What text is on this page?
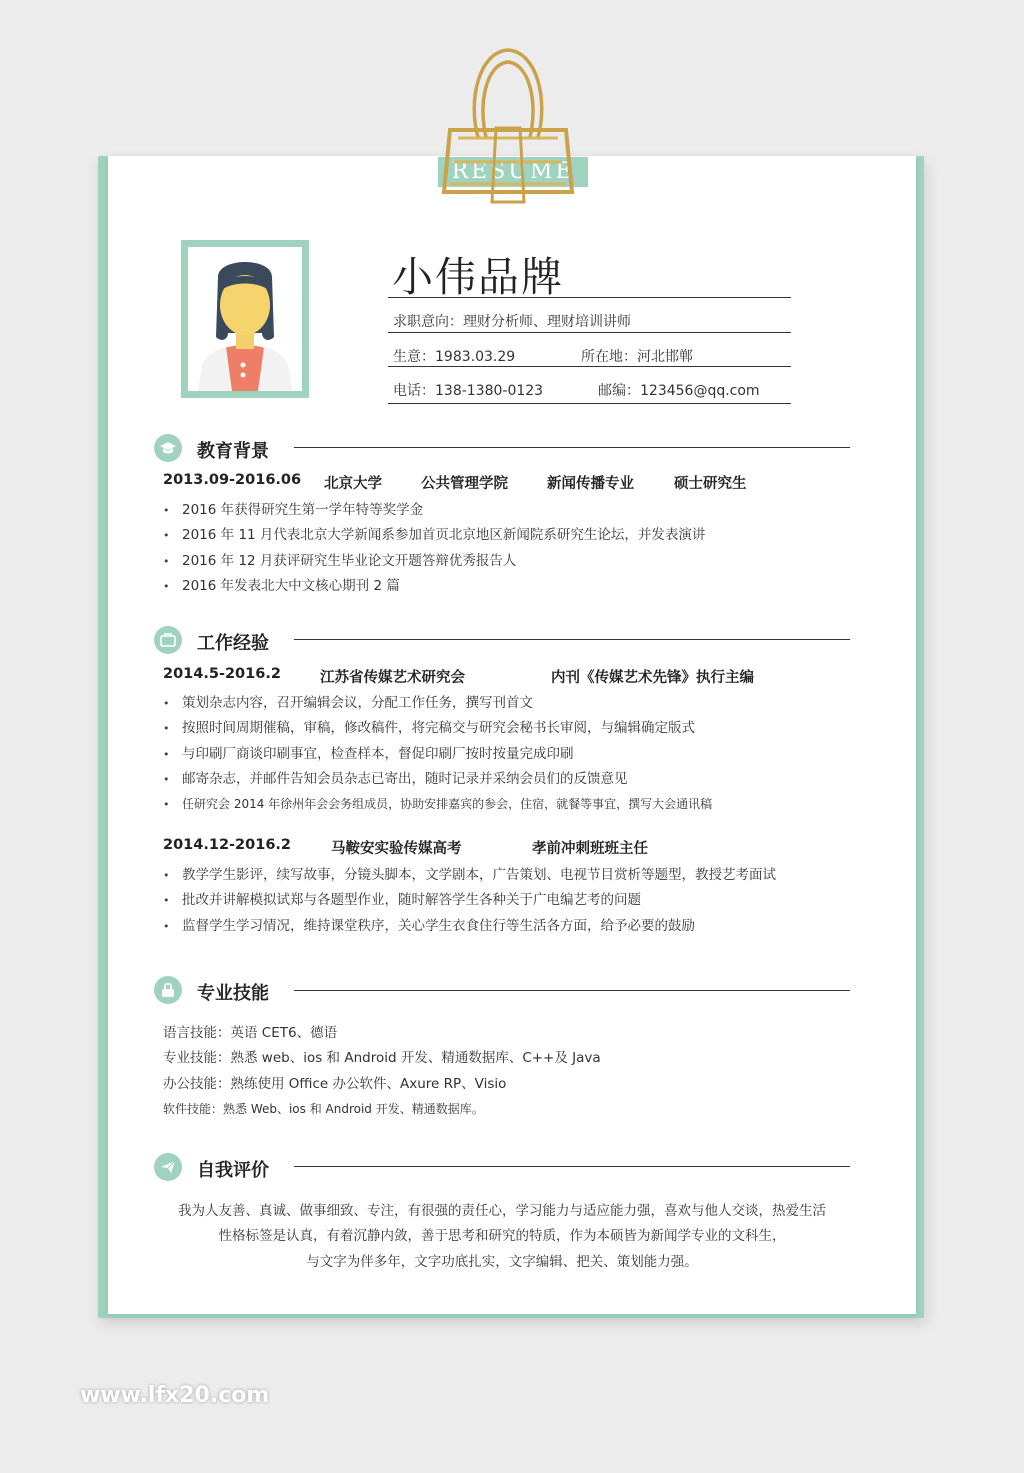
RESUME
小伟品牌
求职意向：理财分析师、理财培训讲师
生意：1983.03.29	所在地：河北邯郸
电话：138-1380-0123	邮编：123456@qq.com
教育背景
2013.09-2016.06 北京大学	公共管理学院	新闻传播专业	硕士研究生
• 2016 年获得研究生第一学年特等奖学金
• 2016 年 11 月代表北京大学新闻系参加首页北京地区新闻院系研究生论坛，并发表演讲
• 2016 年 12 月获评研究生毕业论文开题答辩优秀报告人
• 2016 年发表北大中文核心期刊 2 篇
工作经验
2014.5-2016.2	江苏省传媒艺术研究会	内刊《传媒艺术先锋》执行主编
• 策划杂志内容，召开编辑会议，分配工作任务，撰写刊首文
• 按照时间周期催稿，审稿，修改稿件，将完稿交与研究会秘书长审阅，与编辑确定版式
• 与印刷厂商谈印刷事宜，检查样本，督促印刷厂按时按量完成印刷
• 邮寄杂志，并邮件告知会员杂志已寄出，随时记录并采纳会员们的反馈意见
• 任研究会 2014 年徐州年会会务组成员，协助安排嘉宾的参会，住宿，就餐等事宜，撰写大会通讯稿
2014.12-2016.2	马鞍安实验传媒高考	孝前冲刺班班主任
• 教学学生影评，续写故事，分镜头脚本，文学剧本，广告策划、电视节目赏析等题型，教授艺考面试
• 批改并讲解模拟试郑与各题型作业，随时解答学生各种关于广电编艺考的问题
• 监督学生学习情况，维持课堂秩序，关心学生衣食住行等生活各方面，给予必要的鼓励
专业技能
语言技能：英语 CET6、德语
专业技能：熟悉 web、ios 和 Android 开发、精通数据库、C++及 Java
办公技能：熟练使用 Office 办公软件、Axure RP、Visio
软件技能：熟悉 Web、ios 和 Android 开发、精通数据库。
自我评价
我为人友善、真诚、做事细致、专注，有很强的责任心，学习能力与适应能力强，喜欢与他人交谈，热爱生活
性格标签是认真，有着沉静内敛，善于思考和研究的特质，作为本硕皆为新闻学专业的文科生，
与文字为伴多年，文字功底扎实，文字编辑、把关、策划能力强。
www.lfx20.com
